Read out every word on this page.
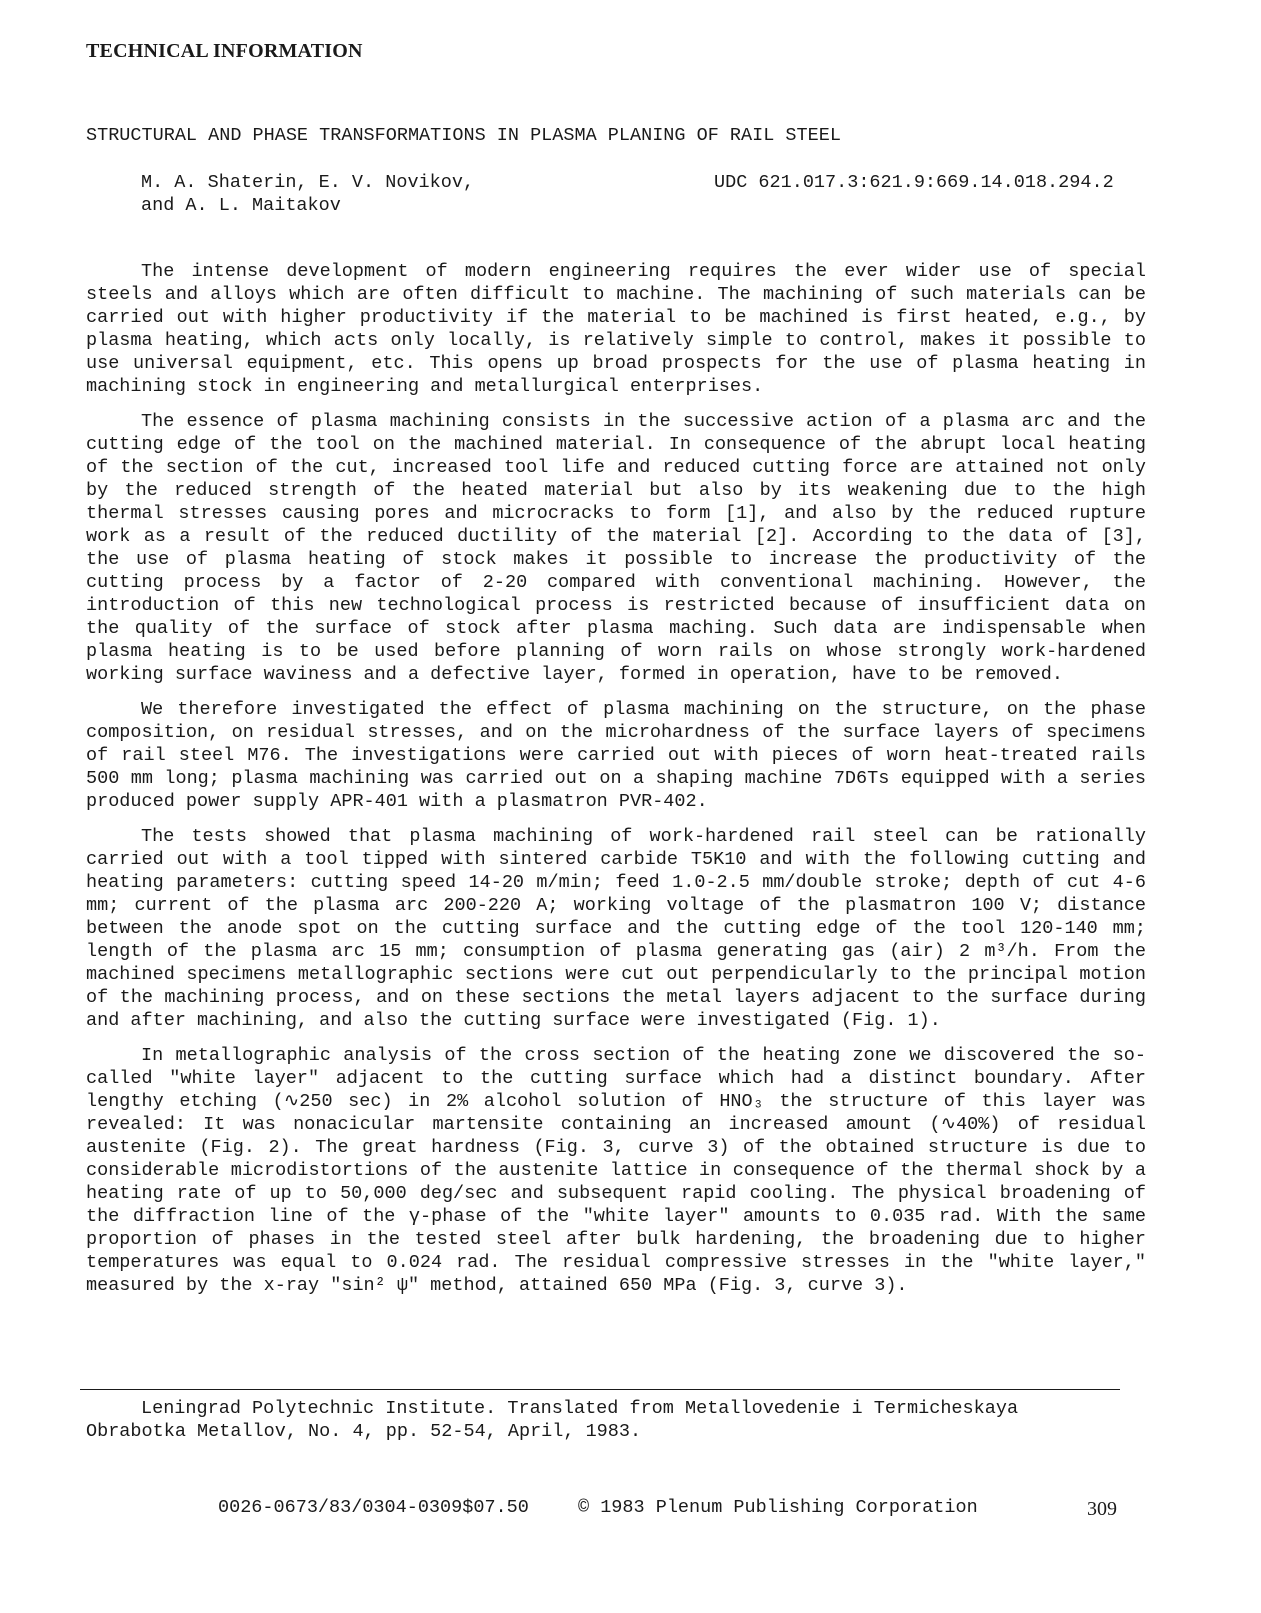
TECHNICAL INFORMATION
STRUCTURAL AND PHASE TRANSFORMATIONS IN PLASMA PLANING OF RAIL STEEL
M. A. Shaterin, E. V. Novikov,
and A. L. Maitakov
UDC 621.017.3:621.9:669.14.018.294.2

The intense development of modern engineering requires the ever wider use of special steels and alloys which are often difficult to machine. The machining of such materials can be carried out with higher productivity if the material to be machined is first heated, e.g., by plasma heating, which acts only locally, is relatively simple to control, makes it possible to use universal equipment, etc. This opens up broad prospects for the use of plasma heating in machining stock in engineering and metallurgical enterprises.

The essence of plasma machining consists in the successive action of a plasma arc and the cutting edge of the tool on the machined material. In consequence of the abrupt local heating of the section of the cut, increased tool life and reduced cutting force are attained not only by the reduced strength of the heated material but also by its weakening due to the high thermal stresses causing pores and microcracks to form [1], and also by the reduced rupture work as a result of the reduced ductility of the material [2]. According to the data of [3], the use of plasma heating of stock makes it possible to increase the productivity of the cutting process by a factor of 2-20 compared with conventional machining. However, the introduction of this new technological process is restricted because of insufficient data on the quality of the surface of stock after plasma maching. Such data are indispensable when plasma heating is to be used before planning of worn rails on whose strongly work-hardened working surface waviness and a defective layer, formed in operation, have to be removed.

We therefore investigated the effect of plasma machining on the structure, on the phase composition, on residual stresses, and on the microhardness of the surface layers of specimens of rail steel M76. The investigations were carried out with pieces of worn heat-treated rails 500 mm long; plasma machining was carried out on a shaping machine 7D6Ts equipped with a series produced power supply APR-401 with a plasmatron PVR-402.

The tests showed that plasma machining of work-hardened rail steel can be rationally carried out with a tool tipped with sintered carbide T5K10 and with the following cutting and heating parameters: cutting speed 14-20 m/min; feed 1.0-2.5 mm/double stroke; depth of cut 4-6 mm; current of the plasma arc 200-220 A; working voltage of the plasmatron 100 V; distance between the anode spot on the cutting surface and the cutting edge of the tool 120-140 mm; length of the plasma arc 15 mm; consumption of plasma generating gas (air) 2 m³/h. From the machined specimens metallographic sections were cut out perpendicularly to the principal motion of the machining process, and on these sections the metal layers adjacent to the surface during and after machining, and also the cutting surface were investigated (Fig. 1).

In metallographic analysis of the cross section of the heating zone we discovered the so-called "white layer" adjacent to the cutting surface which had a distinct boundary. After lengthy etching (∿250 sec) in 2% alcohol solution of HNO₃ the structure of this layer was revealed: It was nonacicular martensite containing an increased amount (∿40%) of residual austenite (Fig. 2). The great hardness (Fig. 3, curve 3) of the obtained structure is due to considerable microdistortions of the austenite lattice in consequence of the thermal shock by a heating rate of up to 50,000 deg/sec and subsequent rapid cooling. The physical broadening of the diffraction line of the γ-phase of the "white layer" amounts to 0.035 rad. With the same proportion of phases in the tested steel after bulk hardening, the broadening due to higher temperatures was equal to 0.024 rad. The residual compressive stresses in the "white layer," measured by the x-ray "sin² ψ" method, attained 650 MPa (Fig. 3, curve 3).

Leningrad Polytechnic Institute. Translated from Metallovedenie i Termicheskaya Obrabotka Metallov, No. 4, pp. 52-54, April, 1983.

0026-0673/83/0304-0309$07.50	© 1983 Plenum Publishing Corporation	309
